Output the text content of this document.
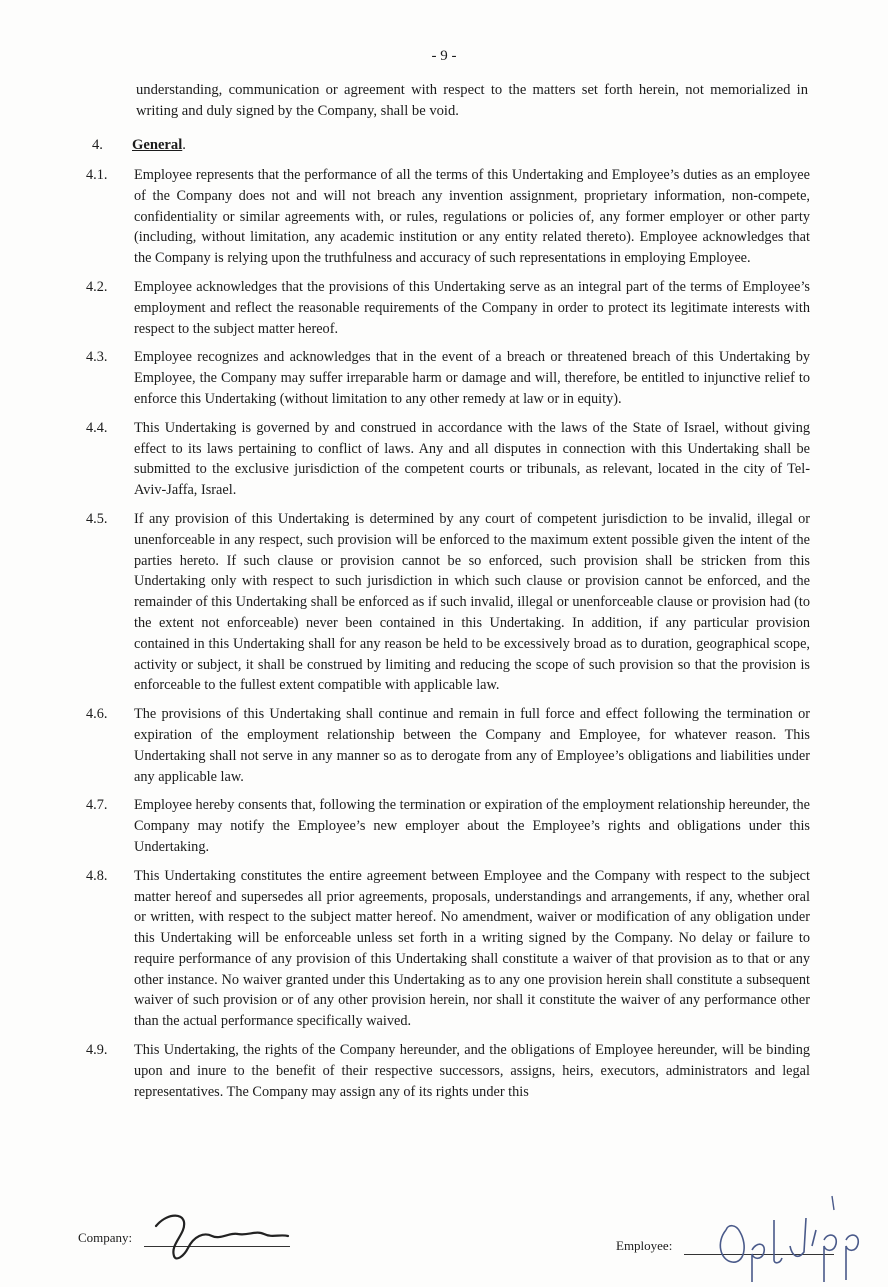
- 9 -
understanding, communication or agreement with respect to the matters set forth herein, not memorialized in writing and duly signed by the Company, shall be void.
4. General.
4.1.	Employee represents that the performance of all the terms of this Undertaking and Employee’s duties as an employee of the Company does not and will not breach any invention assignment, proprietary information, non-compete, confidentiality or similar agreements with, or rules, regulations or policies of, any former employer or other party (including, without limitation, any academic institution or any entity related thereto). Employee acknowledges that the Company is relying upon the truthfulness and accuracy of such representations in employing Employee.
4.2.	Employee acknowledges that the provisions of this Undertaking serve as an integral part of the terms of Employee’s employment and reflect the reasonable requirements of the Company in order to protect its legitimate interests with respect to the subject matter hereof.
4.3.	Employee recognizes and acknowledges that in the event of a breach or threatened breach of this Undertaking by Employee, the Company may suffer irreparable harm or damage and will, therefore, be entitled to injunctive relief to enforce this Undertaking (without limitation to any other remedy at law or in equity).
4.4.	This Undertaking is governed by and construed in accordance with the laws of the State of Israel, without giving effect to its laws pertaining to conflict of laws. Any and all disputes in connection with this Undertaking shall be submitted to the exclusive jurisdiction of the competent courts or tribunals, as relevant, located in the city of Tel-Aviv-Jaffa, Israel.
4.5.	If any provision of this Undertaking is determined by any court of competent jurisdiction to be invalid, illegal or unenforceable in any respect, such provision will be enforced to the maximum extent possible given the intent of the parties hereto. If such clause or provision cannot be so enforced, such provision shall be stricken from this Undertaking only with respect to such jurisdiction in which such clause or provision cannot be enforced, and the remainder of this Undertaking shall be enforced as if such invalid, illegal or unenforceable clause or provision had (to the extent not enforceable) never been contained in this Undertaking. In addition, if any particular provision contained in this Undertaking shall for any reason be held to be excessively broad as to duration, geographical scope, activity or subject, it shall be construed by limiting and reducing the scope of such provision so that the provision is enforceable to the fullest extent compatible with applicable law.
4.6.	The provisions of this Undertaking shall continue and remain in full force and effect following the termination or expiration of the employment relationship between the Company and Employee, for whatever reason. This Undertaking shall not serve in any manner so as to derogate from any of Employee’s obligations and liabilities under any applicable law.
4.7.	Employee hereby consents that, following the termination or expiration of the employment relationship hereunder, the Company may notify the Employee’s new employer about the Employee’s rights and obligations under this Undertaking.
4.8.	This Undertaking constitutes the entire agreement between Employee and the Company with respect to the subject matter hereof and supersedes all prior agreements, proposals, understandings and arrangements, if any, whether oral or written, with respect to the subject matter hereof. No amendment, waiver or modification of any obligation under this Undertaking will be enforceable unless set forth in a writing signed by the Company. No delay or failure to require performance of any provision of this Undertaking shall constitute a waiver of that provision as to that or any other instance. No waiver granted under this Undertaking as to any one provision herein shall constitute a subsequent waiver of such provision or of any other provision herein, nor shall it constitute the waiver of any performance other than the actual performance specifically waived.
4.9.	This Undertaking, the rights of the Company hereunder, and the obligations of Employee hereunder, will be binding upon and inure to the benefit of their respective successors, assigns, heirs, executors, administrators and legal representatives. The Company may assign any of its rights under this
Company:
Employee:
